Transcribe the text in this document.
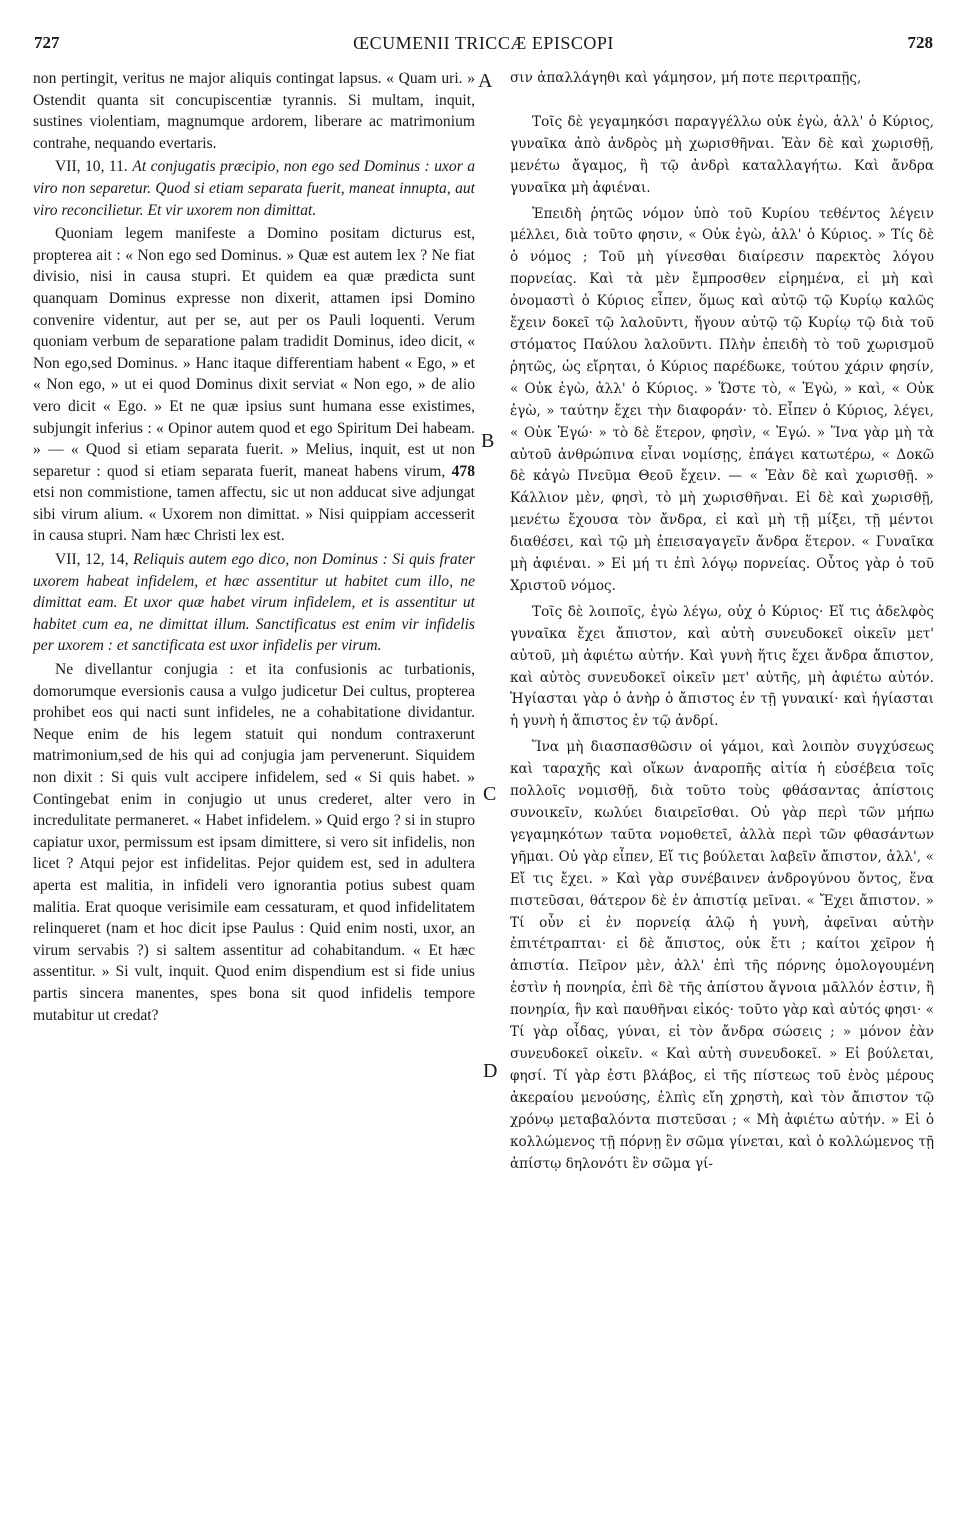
727	ŒCUMENII TRICCÆ EPISCOPI	728
A
B
C
D

non pertingit, veritus ne major aliquis contingat lapsus. « Quam uri. » Ostendit quanta sit concupiscentiæ tyrannis. Si multam, inquit, sustines violentiam, magnumque ardorem, liberare ac matrimonium contrahe, nequando evertaris.

VII, 10, 11. At conjugatis præcipio, non ego sed Dominus : uxor a viro non separetur. Quod si etiam separata fuerit, maneat innupta, aut viro reconcilietur. Et vir uxorem non dimittat.

Quoniam legem manifeste a Domino positam dicturus est, propterea ait : « Non ego sed Dominus. » Quæ est autem lex ? Ne fiat divisio, nisi in causa stupri. Et quidem ea quæ prædicta sunt quanquam Dominus expresse non dixerit, attamen ipsi Domino convenire videntur, aut per se, aut per os Pauli loquenti. Verum quoniam verbum de separatione palam tradidit Dominus, ideo dicit, « Non ego,sed Dominus. » Hanc itaque differentiam habent « Ego, » et « Non ego, » ut ei quod Dominus dixit serviat « Non ego, » de alio vero dicit « Ego. » Et ne quæ ipsius sunt humana esse existimes, subjungit inferius : « Opinor autem quod et ego Spiritum Dei habeam. » — « Quod si etiam separata fuerit. » Melius, inquit, est ut non separetur : quod si etiam separata fuerit, maneat habens virum, 478 etsi non commistione, tamen affectu, sic ut non adducat sive adjungat sibi virum alium. « Uxorem non dimittat. » Nisi quippiam accesserit in causa stupri. Nam hæc Christi lex est.

VII, 12, 14, Reliquis autem ego dico, non Dominus : Si quis frater uxorem habeat infidelem, et hæc assentitur ut habitet cum illo, ne dimittat eam. Et uxor quæ habet virum infidelem, et is assentitur ut habitet cum ea, ne dimittat illum. Sanctificatus est enim vir infidelis per uxorem : et sanctificata est uxor infidelis per virum.

Ne divellantur conjugia : et ita confusionis ac turbationis, domorumque eversionis causa a vulgo judicetur Dei cultus, propterea prohibet eos qui nacti sunt infideles, ne a cohabitatione dividantur. Neque enim de his legem statuit qui nondum contraxerunt matrimonium,sed de his qui ad conjugia jam pervenerunt. Siquidem non dixit : Si quis vult accipere infidelem, sed « Si quis habet. » Contingebat enim in conjugio ut unus crederet, alter vero in incredulitate permaneret. « Habet infidelem. » Quid ergo ? si in stupro capiatur uxor, permissum est ipsam dimittere, si vero sit infidelis, non licet ? Atqui pejor est infidelitas. Pejor quidem est, sed in adultera aperta est malitia, in infideli vero ignorantia potius subest quam malitia. Erat quoque verisimile eam cessaturam, et quod infidelitatem relinqueret (nam et hoc dicit ipse Paulus : Quid enim nosti, uxor, an virum servabis ?) si saltem assentitur ad cohabitandum. « Et hæc assentitur. » Si vult, inquit. Quod enim dispendium est si fide unius partis sincera manentes, spes bona sit quod infidelis tempore mutabitur ut credat?

σιν ἀπαλλάγηθι καὶ γάμησον, μή ποτε περιτραπῇς,

Τοῖς δὲ γεγαμηκόσι παραγγέλλω οὐκ ἐγὼ, ἀλλ' ὁ Κύριος, γυναῖκα ἀπὸ ἀνδρὸς μὴ χωρισθῆναι. Ἐὰν δὲ καὶ χωρισθῇ, μενέτω ἄγαμος, ἢ τῷ ἀνδρὶ καταλλαγήτω. Καὶ ἄνδρα γυναῖκα μὴ ἀφιέναι.

Ἐπειδὴ ῥητῶς νόμον ὑπὸ τοῦ Κυρίου τεθέντος λέγειν μέλλει, διὰ τοῦτο φησιν, « Οὐκ ἐγὼ, ἀλλ' ὁ Κύριος. » Τίς δὲ ὁ νόμος ; Τοῦ μὴ γίνεσθαι διαίρεσιν παρεκτὸς λόγου πορνείας. Καὶ τὰ μὲν ἔμπροσθεν εἰρημένα, εἰ μὴ καὶ ὀνομαστὶ ὁ Κύριος εἶπεν, ὅμως καὶ αὐτῷ τῷ Κυρίῳ καλῶς ἔχειν δοκεῖ τῷ λαλοῦντι, ἤγουν αὐτῷ τῷ Κυρίῳ τῷ διὰ τοῦ στόματος Παύλου λαλοῦντι. Πλὴν ἐπειδὴ τὸ τοῦ χωρισμοῦ ῥητῶς, ὡς εἴρηται, ὁ Κύριος παρέδωκε, τούτου χάριν φησίν, « Οὐκ ἐγὼ, ἀλλ' ὁ Κύριος. » Ὥστε τὸ, « Ἐγὼ, » καὶ, « Οὐκ ἐγὼ, » ταύτην ἔχει τὴν διαφοράν· τὸ. Εἶπεν ὁ Κύριος, λέγει, « Οὐκ Ἐγώ· » τὸ δὲ ἕτερον, φησὶν, « Ἐγώ. » Ἵνα γὰρ μὴ τὰ αὐτοῦ ἀνθρώπινα εἶναι νομίσῃς, ἐπάγει κατωτέρω, « Δοκῶ δὲ κἀγὼ Πνεῦμα Θεοῦ ἔχειν. — « Ἐὰν δὲ καὶ χωρισθῇ. » Κάλλιον μὲν, φησὶ, τὸ μὴ χωρισθῆναι. Εἰ δὲ καὶ χωρισθῇ, μενέτω ἔχουσα τὸν ἄνδρα, εἰ καὶ μὴ τῇ μίξει, τῇ μέντοι διαθέσει, καὶ τῷ μὴ ἐπεισαγαγεῖν ἄνδρα ἕτερον. « Γυναῖκα μὴ ἀφιέναι. » Εἰ μή τι ἐπὶ λόγῳ πορνείας. Οὗτος γὰρ ὁ τοῦ Χριστοῦ νόμος.

Τοῖς δὲ λοιποῖς, ἐγὼ λέγω, οὐχ ὁ Κύριος· Εἴ τις ἀδελφὸς γυναῖκα ἔχει ἄπιστον, καὶ αὐτὴ συνευδοκεῖ οἰκεῖν μετ' αὐτοῦ, μὴ ἀφιέτω αὐτήν. Καὶ γυνὴ ἥτις ἔχει ἄνδρα ἄπιστον, καὶ αὐτὸς συνευδοκεῖ οἰκεῖν μετ' αὐτῆς, μὴ ἀφιέτω αὐτόν. Ἡγίασται γὰρ ὁ ἀνὴρ ὁ ἄπιστος ἐν τῇ γυναικί· καὶ ἡγίασται ἡ γυνὴ ἡ ἄπιστος ἐν τῷ ἀνδρί.

Ἵνα μὴ διασπασθῶσιν οἱ γάμοι, καὶ λοιπὸν συγχύσεως καὶ ταραχῆς καὶ οἴκων ἀναροπῆς αἰτία ἡ εὐσέβεια τοῖς πολλοῖς νομισθῇ, διὰ τοῦτο τοὺς φθάσαντας ἀπίστοις συνοικεῖν, κωλύει διαιρεῖσθαι. Οὐ γὰρ περὶ τῶν μήπω γεγαμηκότων ταῦτα νομοθετεῖ, ἀλλὰ περὶ τῶν φθασάντων γῆμαι. Οὐ γὰρ εἶπεν, Εἴ τις βούλεται λαβεῖν ἄπιστον, ἀλλ', « Εἴ τις ἔχει. » Καὶ γὰρ συνέβαινεν ἀνδρογύνου ὄντος, ἕνα πιστεῦσαι, θάτερον δὲ ἐν ἀπιστίᾳ μεῖναι. « Ἔχει ἄπιστον. » Τί οὖν εἰ ἐν πορνείᾳ ἁλῷ ἡ γυνὴ, ἀφεῖναι αὐτὴν ἐπιτέτραπται· εἰ δὲ ἄπιστος, οὐκ ἔτι ; καίτοι χεῖρον ἡ ἀπιστία. Πεῖρον μὲν, ἀλλ' ἐπὶ τῆς πόρνης ὁμολογουμένη ἐστὶν ἡ πονηρία, ἐπὶ δὲ τῆς ἀπίστου ἄγνοια μᾶλλόν ἐστιν, ἢ πονηρία, ἣν καὶ παυθῆναι εἰκός· τοῦτο γὰρ καὶ αὐτός φησι· « Τί γὰρ οἶδας, γύναι, εἰ τὸν ἄνδρα σώσεις ; » μόνον ἐὰν συνευδοκεῖ οἰκεῖν. « Καὶ αὐτὴ συνευδοκεῖ. » Εἰ βούλεται, φησί. Τί γὰρ ἐστι βλάβος, εἰ τῆς πίστεως τοῦ ἑνὸς μέρους ἀκεραίου μενούσης, ἐλπὶς εἴη χρηστὴ, καὶ τὸν ἄπιστον τῷ χρόνῳ μεταβαλόντα πιστεῦσαι ; « Μὴ ἀφιέτω αὐτήν. » Εἰ ὁ κολλώμενος τῇ πόρνῃ ἓν σῶμα γίνεται, καὶ ὁ κολλώμενος τῇ ἀπίστῳ δηλονότι ἓν σῶμα γί-
